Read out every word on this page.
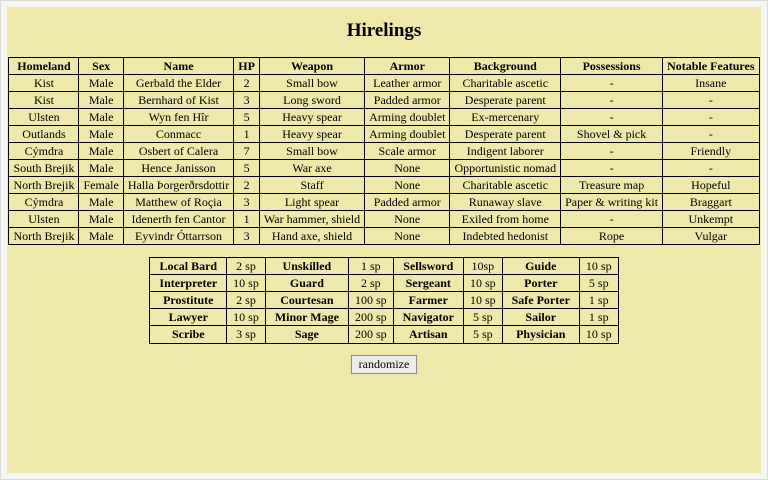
Hirelings
Homeland	Sex	Name	HP	Weapon	Armor	Background	Possessions	Notable Features
Kist	Male	Gerbald the Elder	2	Small bow	Leather armor	Charitable ascetic	-	Insane
Kist	Male	Bernhard of Kist	3	Long sword	Padded armor	Desperate parent	-	-
Ulsten	Male	Wyn fen Hîr	5	Heavy spear	Arming doublet	Ex-mercenary	-	-
Outlands	Male	Conmacc	1	Heavy spear	Arming doublet	Desperate parent	Shovel & pick	-
Cýmdra	Male	Osbert of Calera	7	Small bow	Scale armor	Indigent laborer	-	Friendly
South Brejik	Male	Hence Janisson	5	War axe	None	Opportunistic nomad	-	-
North Brejik	Female	Halla Þorgerðrsdottir	2	Staff	None	Charitable ascetic	Treasure map	Hopeful
Cýmdra	Male	Matthew of Roçia	3	Light spear	Padded armor	Runaway slave	Paper & writing kit	Braggart
Ulsten	Male	Idenerth fen Cantor	1	War hammer, shield	None	Exiled from home	-	Unkempt
North Brejik	Male	Eyvindr Óttarrson	3	Hand axe, shield	None	Indebted hedonist	Rope	Vulgar
Local Bard	2 sp	Unskilled	1 sp	Sellsword	10sp	Guide	10 sp
Interpreter	10 sp	Guard	2 sp	Sergeant	10 sp	Porter	5 sp
Prostitute	2 sp	Courtesan	100 sp	Farmer	10 sp	Safe Porter	1 sp
Lawyer	10 sp	Minor Mage	200 sp	Navigator	5 sp	Sailor	1 sp
Scribe	3 sp	Sage	200 sp	Artisan	5 sp	Physician	10 sp
randomize
